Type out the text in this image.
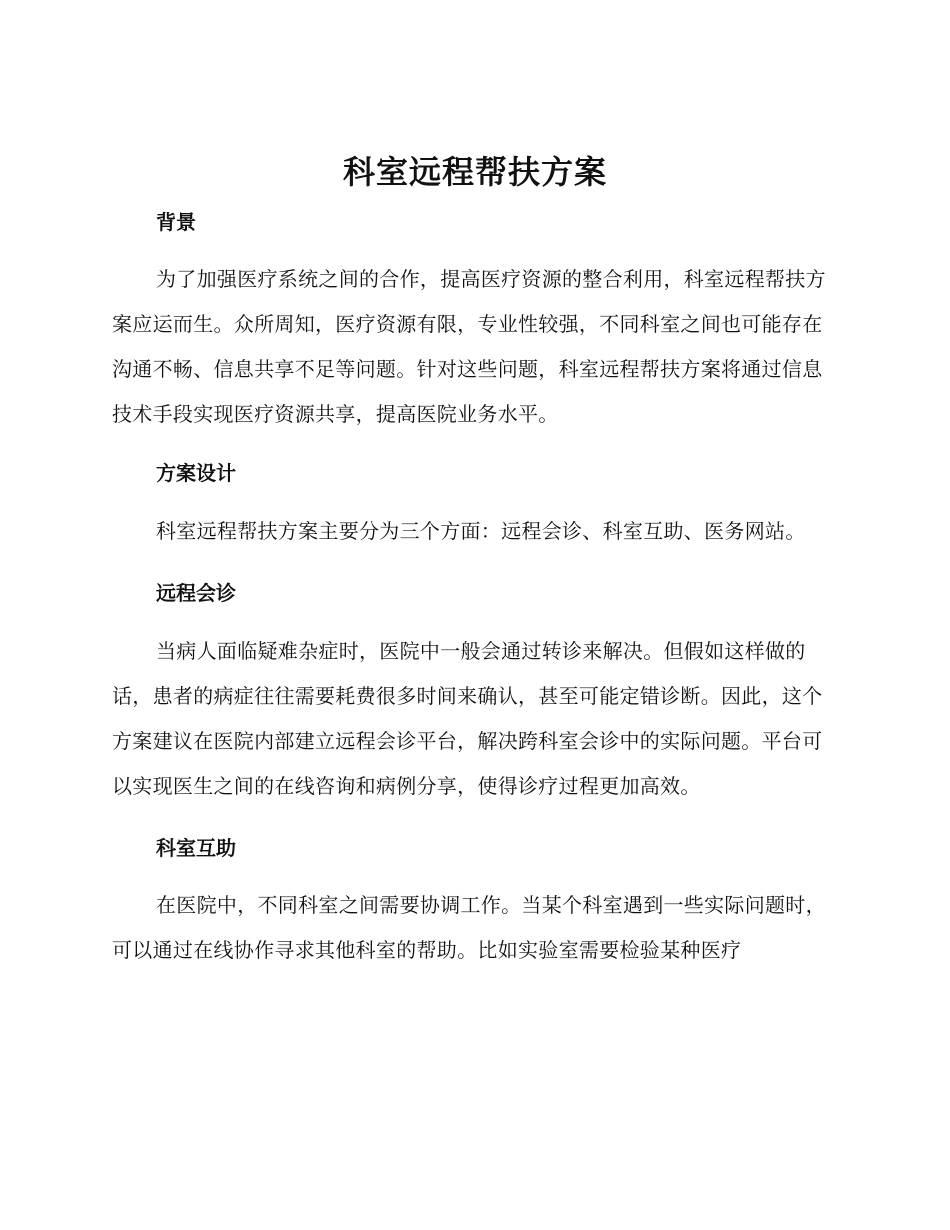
科室远程帮扶方案
背景

为了加强医疗系统之间的合作，提高医疗资源的整合利用，科室远程帮扶方案应运而生。众所周知，医疗资源有限，专业性较强，不同科室之间也可能存在沟通不畅、信息共享不足等问题。针对这些问题，科室远程帮扶方案将通过信息技术手段实现医疗资源共享，提高医院业务水平。

方案设计

科室远程帮扶方案主要分为三个方面：远程会诊、科室互助、医务网站。

远程会诊

当病人面临疑难杂症时，医院中一般会通过转诊来解决。但假如这样做的话，患者的病症往往需要耗费很多时间来确认，甚至可能定错诊断。因此，这个方案建议在医院内部建立远程会诊平台，解决跨科室会诊中的实际问题。平台可以实现医生之间的在线咨询和病例分享，使得诊疗过程更加高效。

科室互助

在医院中，不同科室之间需要协调工作。当某个科室遇到一些实际问题时，可以通过在线协作寻求其他科室的帮助。比如实验室需要检验某种医疗
